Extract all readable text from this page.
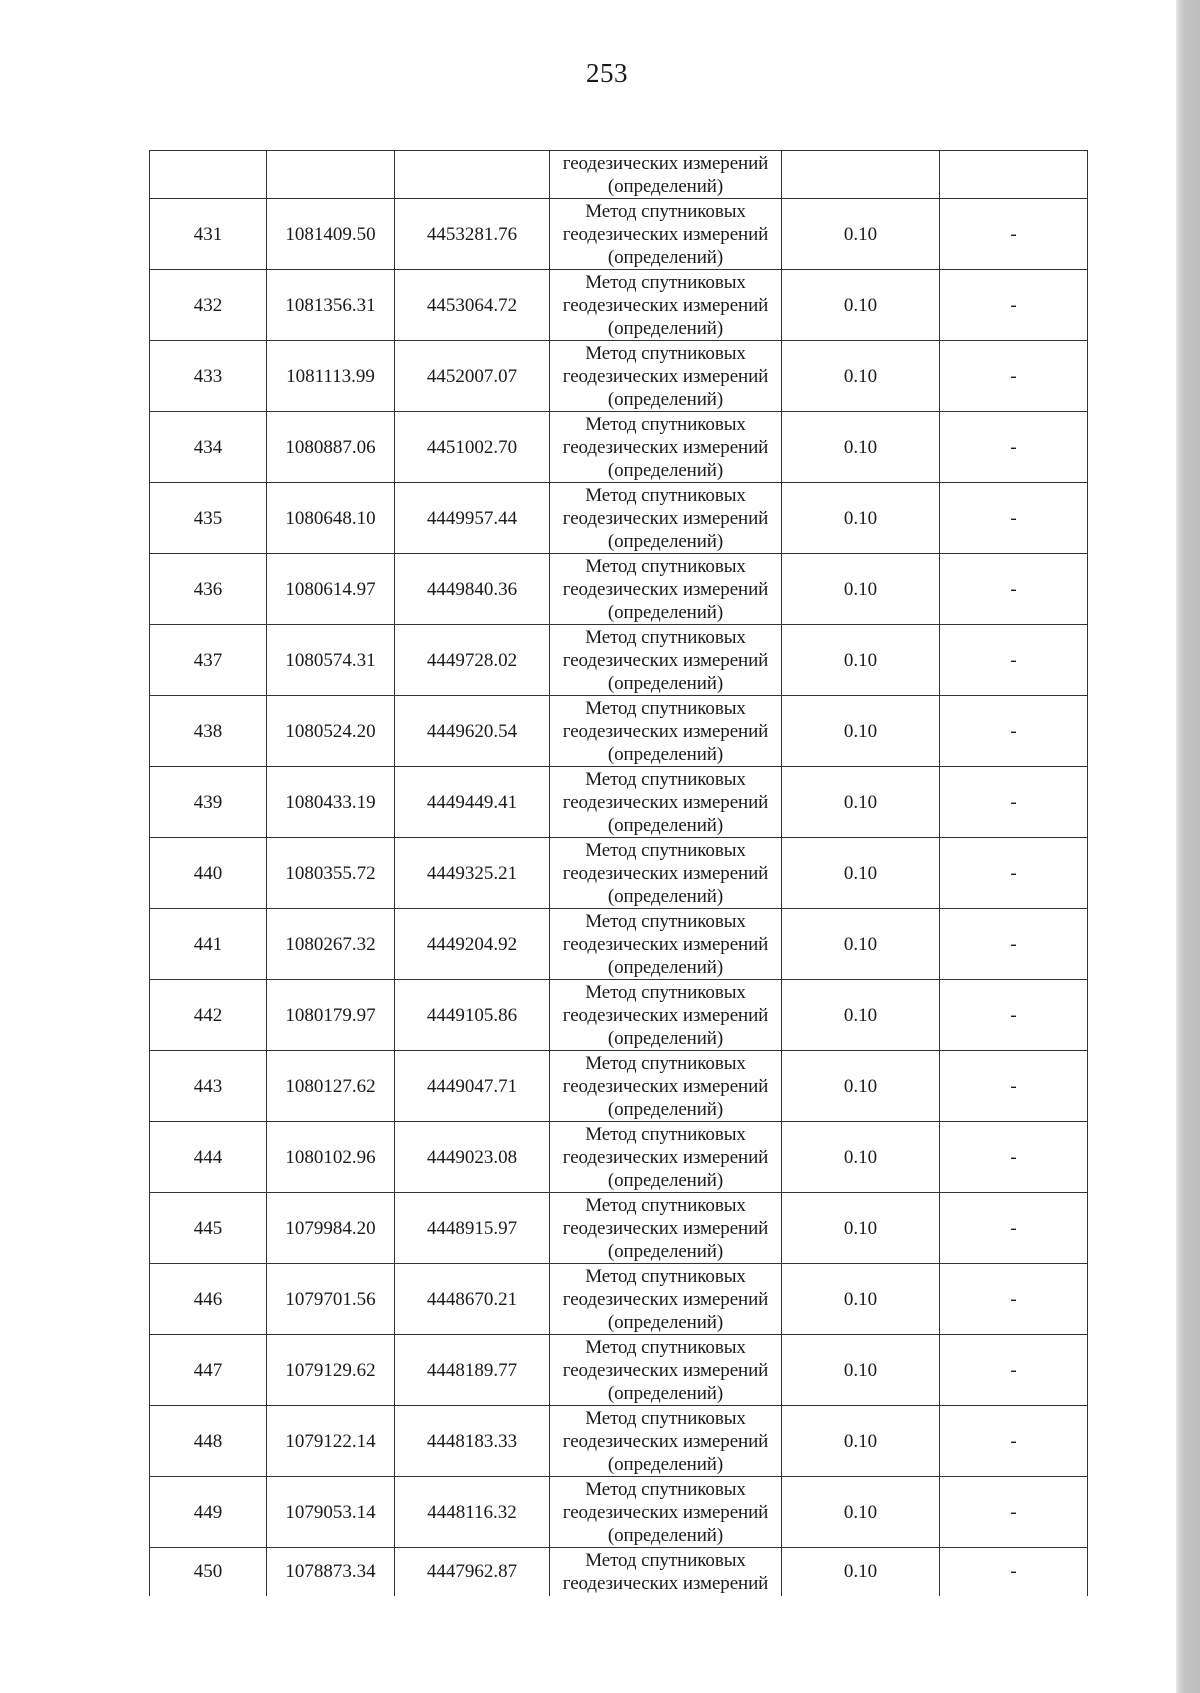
253

			геодезических измерений
(определений)		

431	1081409.50	4453281.76	Метод спутниковых
геодезических измерений
(определений)	0.10	-
432	1081356.31	4453064.72	Метод спутниковых
геодезических измерений
(определений)	0.10	-
433	1081113.99	4452007.07	Метод спутниковых
геодезических измерений
(определений)	0.10	-
434	1080887.06	4451002.70	Метод спутниковых
геодезических измерений
(определений)	0.10	-
435	1080648.10	4449957.44	Метод спутниковых
геодезических измерений
(определений)	0.10	-
436	1080614.97	4449840.36	Метод спутниковых
геодезических измерений
(определений)	0.10	-
437	1080574.31	4449728.02	Метод спутниковых
геодезических измерений
(определений)	0.10	-
438	1080524.20	4449620.54	Метод спутниковых
геодезических измерений
(определений)	0.10	-
439	1080433.19	4449449.41	Метод спутниковых
геодезических измерений
(определений)	0.10	-
440	1080355.72	4449325.21	Метод спутниковых
геодезических измерений
(определений)	0.10	-
441	1080267.32	4449204.92	Метод спутниковых
геодезических измерений
(определений)	0.10	-
442	1080179.97	4449105.86	Метод спутниковых
геодезических измерений
(определений)	0.10	-
443	1080127.62	4449047.71	Метод спутниковых
геодезических измерений
(определений)	0.10	-
444	1080102.96	4449023.08	Метод спутниковых
геодезических измерений
(определений)	0.10	-
445	1079984.20	4448915.97	Метод спутниковых
геодезических измерений
(определений)	0.10	-
446	1079701.56	4448670.21	Метод спутниковых
геодезических измерений
(определений)	0.10	-
447	1079129.62	4448189.77	Метод спутниковых
геодезических измерений
(определений)	0.10	-
448	1079122.14	4448183.33	Метод спутниковых
геодезических измерений
(определений)	0.10	-
449	1079053.14	4448116.32	Метод спутниковых
геодезических измерений
(определений)	0.10	-
450	1078873.34	4447962.87	Метод спутниковых
геодезических измерений	0.10	-
